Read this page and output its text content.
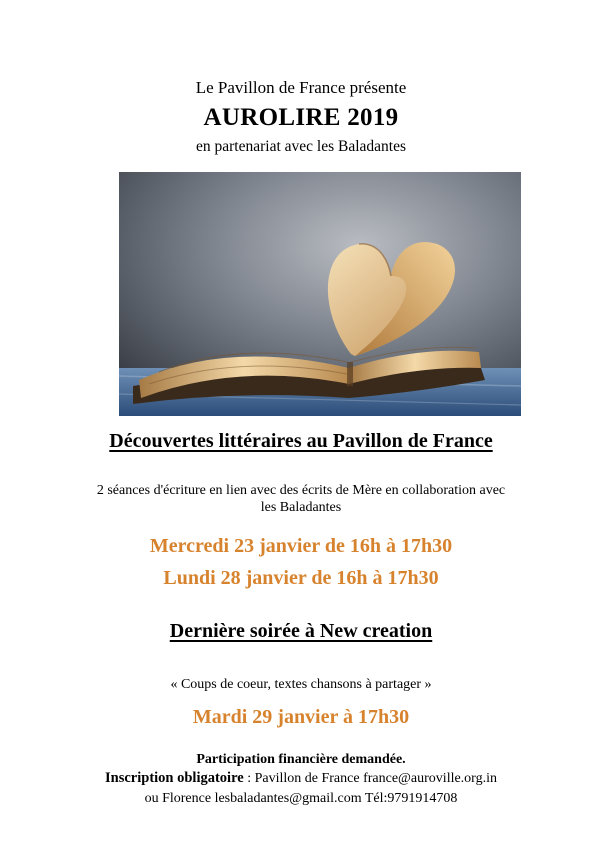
Le Pavillon de France présente
AUROLIRE 2019
en partenariat avec les Baladantes
Découvertes littéraires au Pavillon de France
2 séances d'écriture en lien avec des écrits de Mère en collaboration avec
les Baladantes
Mercredi 23 janvier de 16h à 17h30
Lundi 28 janvier de 16h à 17h30
Dernière soirée à New creation
« Coups de coeur, textes chansons à partager »
Mardi 29 janvier à 17h30
Participation financière demandée.
Inscription obligatoire : Pavillon de France france@auroville.org.in
ou Florence lesbaladantes@gmail.com Tél:9791914708
